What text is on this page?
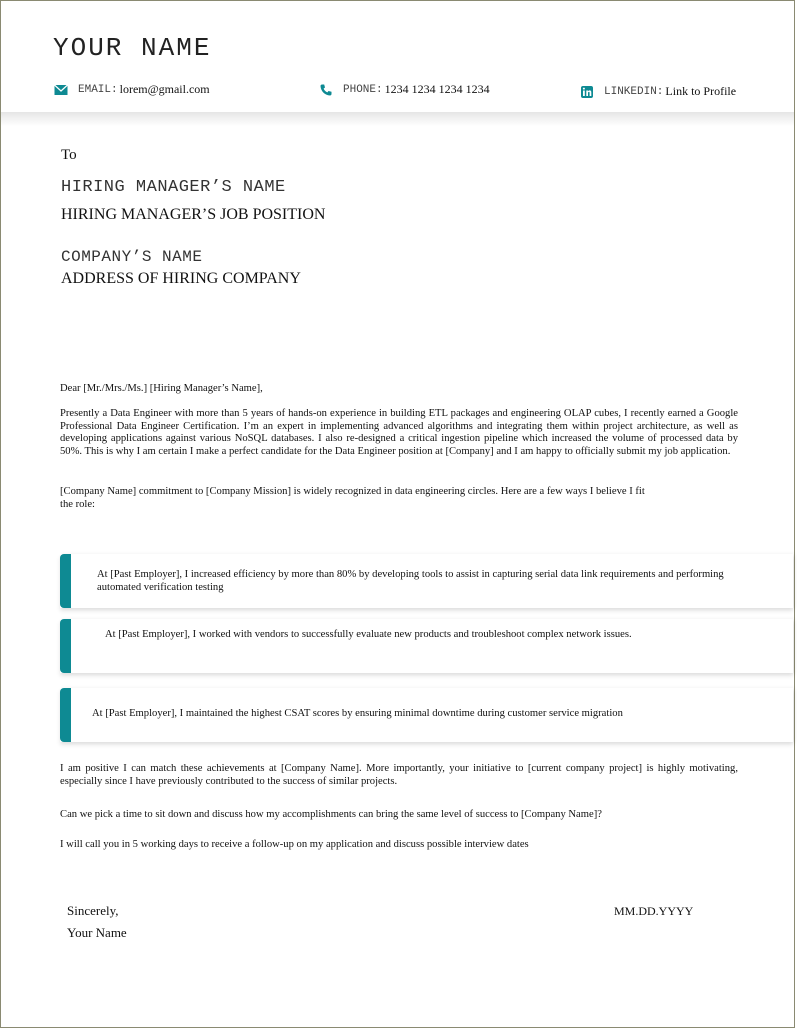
YOUR NAME
EMAIL: lorem@gmail.com	PHONE: 1234 1234 1234 1234	LINKEDIN: Link to Profile
To
HIRING MANAGER’S NAME
HIRING MANAGER’S JOB POSITION
COMPANY’S NAME
ADDRESS OF HIRING COMPANY
Dear [Mr./Mrs./Ms.] [Hiring Manager’s Name],
Presently a Data Engineer with more than 5 years of hands-on experience in building ETL packages and engineering OLAP cubes, I recently earned a Google Professional Data Engineer Certification. I’m an expert in implementing advanced algorithms and integrating them within project architecture, as well as developing applications against various NoSQL databases. I also re-designed a critical ingestion pipeline which increased the volume of processed data by 50%. This is why I am certain I make a perfect candidate for the Data Engineer position at [Company] and I am happy to officially submit my job application.
[Company Name] commitment to [Company Mission] is widely recognized in data engineering circles. Here are a few ways I believe I fit the role:
At [Past Employer], I increased efficiency by more than 80% by developing tools to assist in capturing serial data link requirements and performing automated verification testing
At [Past Employer], I worked with vendors to successfully evaluate new products and troubleshoot complex network issues.
At [Past Employer], I maintained the highest CSAT scores by ensuring minimal downtime during customer service migration
I am positive I can match these achievements at [Company Name]. More importantly, your initiative to [current company project] is highly motivating, especially since I have previously contributed to the success of similar projects.
Can we pick a time to sit down and discuss how my accomplishments can bring the same level of success to [Company Name]?
I will call you in 5 working days to receive a follow-up on my application and discuss possible interview dates
Sincerely,
Your Name
MM.DD.YYYY
